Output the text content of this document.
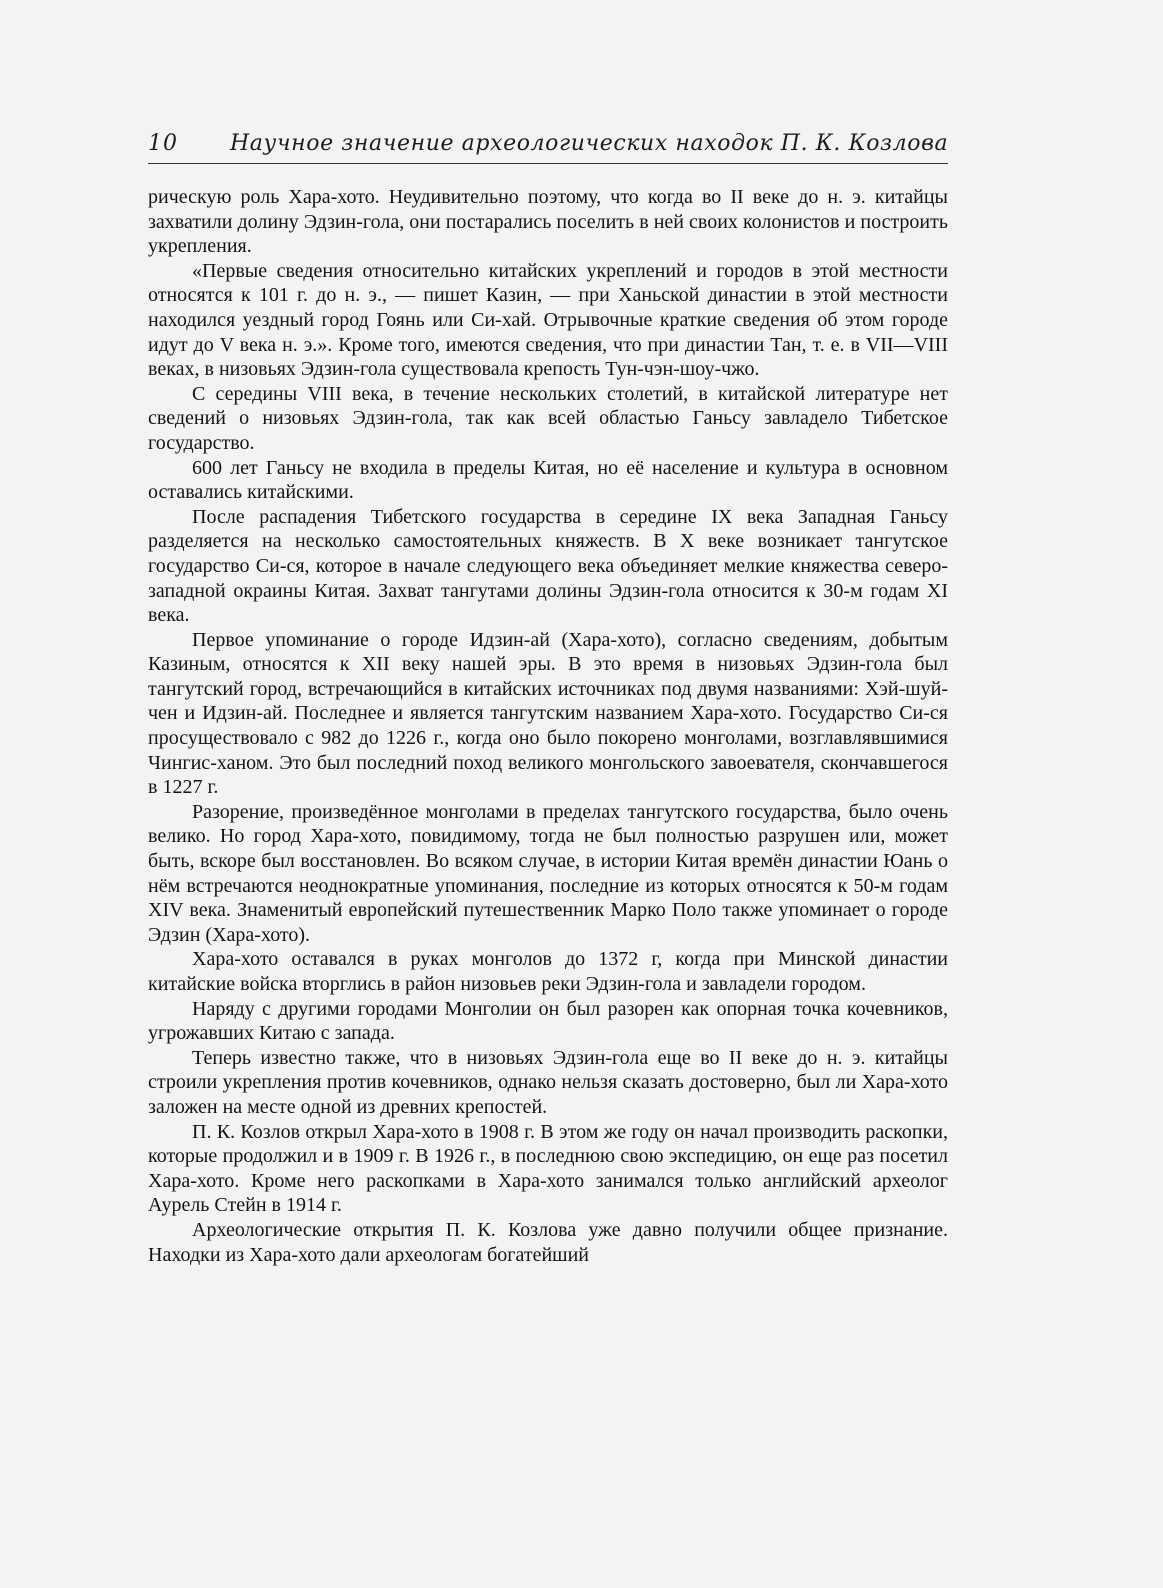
10 Научное значение археологических находок П. К. Козлова

рическую роль Хара-хото. Неудивительно поэтому, что когда во II веке до н. э. китайцы захватили долину Эдзин-гола, они постарались поселить в ней своих колонистов и построить укрепления.

«Первые сведения относительно китайских укреплений и городов в этой местности относятся к 101 г. до н. э., — пишет Казин, — при Ханьской династии в этой местности находился уездный город Гоянь или Си-хай. Отрывочные краткие сведения об этом городе идут до V века н. э.». Кроме того, имеются сведения, что при династии Тан, т. е. в VII—VIII веках, в низовьях Эдзин-гола существовала крепость Тун-чэн-шоу-чжо.

С середины VIII века, в течение нескольких столетий, в китайской литературе нет сведений о низовьях Эдзин-гола, так как всей областью Ганьсу завладело Тибетское государство.

600 лет Ганьсу не входила в пределы Китая, но её население и культура в основном оставались китайскими.

После распадения Тибетского государства в середине IX века Западная Ганьсу разделяется на несколько самостоятельных княжеств. В X веке возникает тангутское государство Си-ся, которое в начале следующего века объединяет мелкие княжества северо-западной окраины Китая. Захват тангутами долины Эдзин-гола относится к 30-м годам XI века.

Первое упоминание о городе Идзин-ай (Хара-хото), согласно сведениям, добытым Казиным, относятся к XII веку нашей эры. В это время в низовьях Эдзин-гола был тангутский город, встречающийся в китайских источниках под двумя названиями: Хэй-шуй-чен и Идзин-ай. Последнее и является тангутским названием Хара-хото. Государство Си-ся просуществовало с 982 до 1226 г., когда оно было покорено монголами, возглавлявшимися Чингис-ханом. Это был последний поход великого монгольского завоевателя, скончавшегося в 1227 г.

Разорение, произведённое монголами в пределах тангутского государства, было очень велико. Но город Хара-хото, повидимому, тогда не был полностью разрушен или, может быть, вскоре был восстановлен. Во всяком случае, в истории Китая времён династии Юань о нём встречаются неоднократные упоминания, последние из которых относятся к 50-м годам XIV века. Знаменитый европейский путешественник Марко Поло также упоминает о городе Эдзин (Хара-хото).

Хара-хото оставался в руках монголов до 1372 г, когда при Минской династии китайские войска вторглись в район низовьев реки Эдзин-гола и завладели городом.

Наряду с другими городами Монголии он был разорен как опорная точка кочевников, угрожавших Китаю с запада.

Теперь известно также, что в низовьях Эдзин-гола еще во II веке до н. э. китайцы строили укрепления против кочевников, однако нельзя сказать достоверно, был ли Хара-хото заложен на месте одной из древних крепостей.

П. К. Козлов открыл Хара-хото в 1908 г. В этом же году он начал производить раскопки, которые продолжил и в 1909 г. В 1926 г., в последнюю свою экспедицию, он еще раз посетил Хара-хото. Кроме него раскопками в Хара-хото занимался только английский археолог Аурель Стейн в 1914 г.

Археологические открытия П. К. Козлова уже давно получили общее признание. Находки из Хара-хото дали археологам богатейший
